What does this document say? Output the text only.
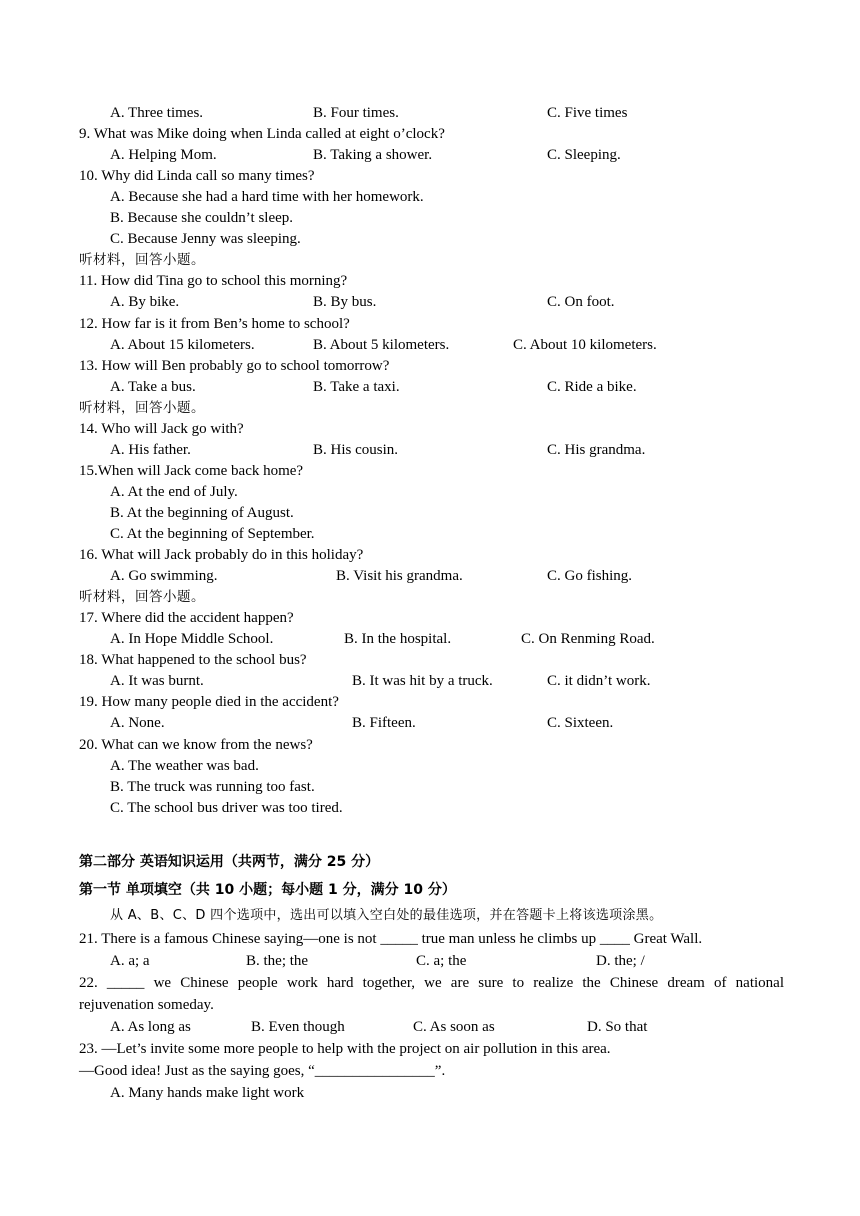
A. Three times.	B. Four times.	C. Five times
9. What was Mike doing when Linda called at eight o’clock?
A. Helping Mom.	B. Taking a shower.	C. Sleeping.
10. Why did Linda call so many times?
A. Because she had a hard time with her homework.
B. Because she couldn’t sleep.
C. Because Jenny was sleeping.
听材料，回答小题。
11. How did Tina go to school this morning?
A. By bike.	B. By bus.	C. On foot.
12. How far is it from Ben’s home to school?
A. About 15 kilometers.	B. About 5 kilometers.	C. About 10 kilometers.
13. How will Ben probably go to school tomorrow?
A. Take a bus.	B. Take a taxi.	C. Ride a bike.
听材料，回答小题。
14. Who will Jack go with?
A. His father.	B. His cousin.	C. His grandma.
15.When will Jack come back home?
A. At the end of July.
B. At the beginning of August.
C. At the beginning of September.
16. What will Jack probably do in this holiday?
A. Go swimming.	B. Visit his grandma.	C. Go fishing.
听材料，回答小题。
17. Where did the accident happen?
A. In Hope Middle School.	B. In the hospital.	C. On Renming Road.
18. What happened to the school bus?
A. It was burnt.	B. It was hit by a truck.	C. it didn’t work.
19. How many people died in the accident?
A. None.	B. Fifteen.	C. Sixteen.
20. What can we know from the news?
A. The weather was bad.
B. The truck was running too fast.
C. The school bus driver was too tired.
第二部分 英语知识运用（共两节，满分 25 分）
第一节 单项填空（共 10 小题；每小题 1 分，满分 10 分）
从 A、B、C、D 四个选项中，选出可以填入空白处的最佳选项，并在答题卡上将该选项涂黑。
21. There is a famous Chinese saying—one is not _____ true man unless he climbs up ____ Great Wall.
A. a; a	B. the; the	C. a; the	D. the; /
22. _____ we Chinese people work hard together, we are sure to realize the Chinese dream of national
rejuvenation someday.
A. As long as	B. Even though	C. As soon as	D. So that
23. —Let’s invite some more people to help with the project on air pollution in this area.
—Good idea! Just as the saying goes, “________________”.
A. Many hands make light work
